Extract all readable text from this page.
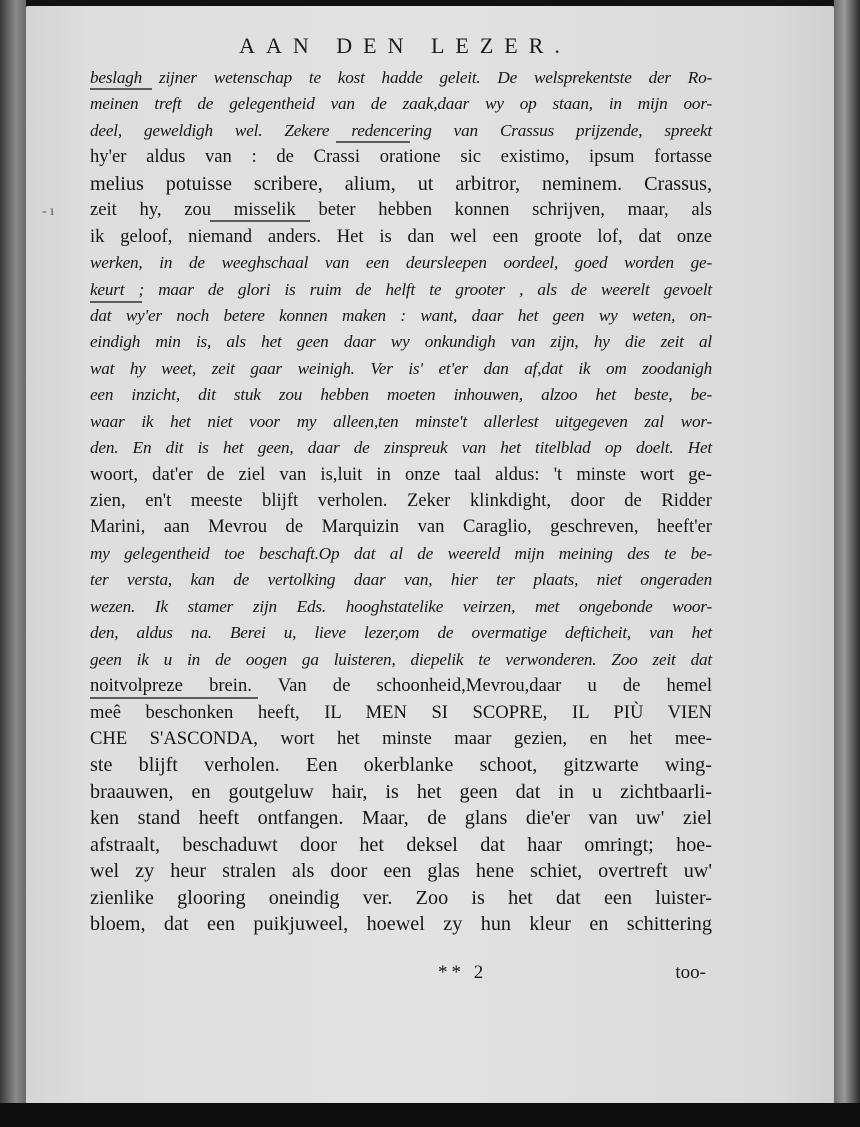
AAN DEN LEZER.
- ı
beslagh zijner wetenschap te kost hadde geleit. De welsprekentste der Ro-
meinen treft de gelegentheid van de zaak,daar wy op staan, in mijn oor-
deel, geweldigh wel. Zekere redencering van Crassus prijzende, spreekt
hy'er aldus van : de Crassi oratione sic existimo, ipsum fortasse
melius potuisse scribere, alium, ut arbitror, neminem. Crassus,
zeit hy, zou misselik beter hebben konnen schrijven, maar, als
ik geloof, niemand anders. Het is dan wel een groote lof, dat onze
werken, in de weeghschaal van een deursleepen oordeel, goed worden ge-
keurt ; maar de glori is ruim de helft te grooter , als de weerelt gevoelt
dat wy'er noch betere konnen maken : want, daar het geen wy weten, on-
eindigh min is, als het geen daar wy onkundigh van zijn, hy die zeit al
wat hy weet, zeit gaar weinigh. Ver is' et'er dan af,dat ik om zoodanigh
een inzicht, dit stuk zou hebben moeten inhouwen, alzoo het beste, be-
waar ik het niet voor my alleen,ten minste't allerlest uitgegeven zal wor-
den. En dit is het geen, daar de zinspreuk van het titelblad op doelt. Het
woort, dat'er de ziel van is,luit in onze taal aldus: 't minste wort ge-
zien, en't meeste blijft verholen. Zeker klinkdight, door de Ridder
Marini, aan Mevrou de Marquizin van Caraglio, geschreven, heeft'er
my gelegentheid toe beschaft.Op dat al de weereld mijn meining des te be-
ter versta, kan de vertolking daar van, hier ter plaats, niet ongeraden
wezen. Ik stamer zijn Eds. hooghstatelike veirzen, met ongebonde woor-
den, aldus na. Berei u, lieve lezer,om de overmatige defticheit, van het
geen ik u in de oogen ga luisteren, diepelik te verwonderen. Zoo zeit dat
noitvolpreze brein. Van de schoonheid,Mevrou,daar u de hemel
meê beschonken heeft, IL MEN SI SCOPRE, IL PIÙ VIEN
CHE S'ASCONDA, wort het minste maar gezien, en het mee-
ste blijft verholen. Een okerblanke schoot, gitzwarte wing-
braauwen, en goutgeluw hair, is het geen dat in u zichtbaarli-
ken stand heeft ontfangen. Maar, de glans die'er van uw' ziel
afstraalt, beschaduwt door het deksel dat haar omringt; hoe-
wel zy heur stralen als door een glas hene schiet, overtreft uw'
zienlike glooring oneindig ver. Zoo is het dat een luister-
bloem, dat een puikjuweel, hoewel zy hun kleur en schittering
** 2	too-
